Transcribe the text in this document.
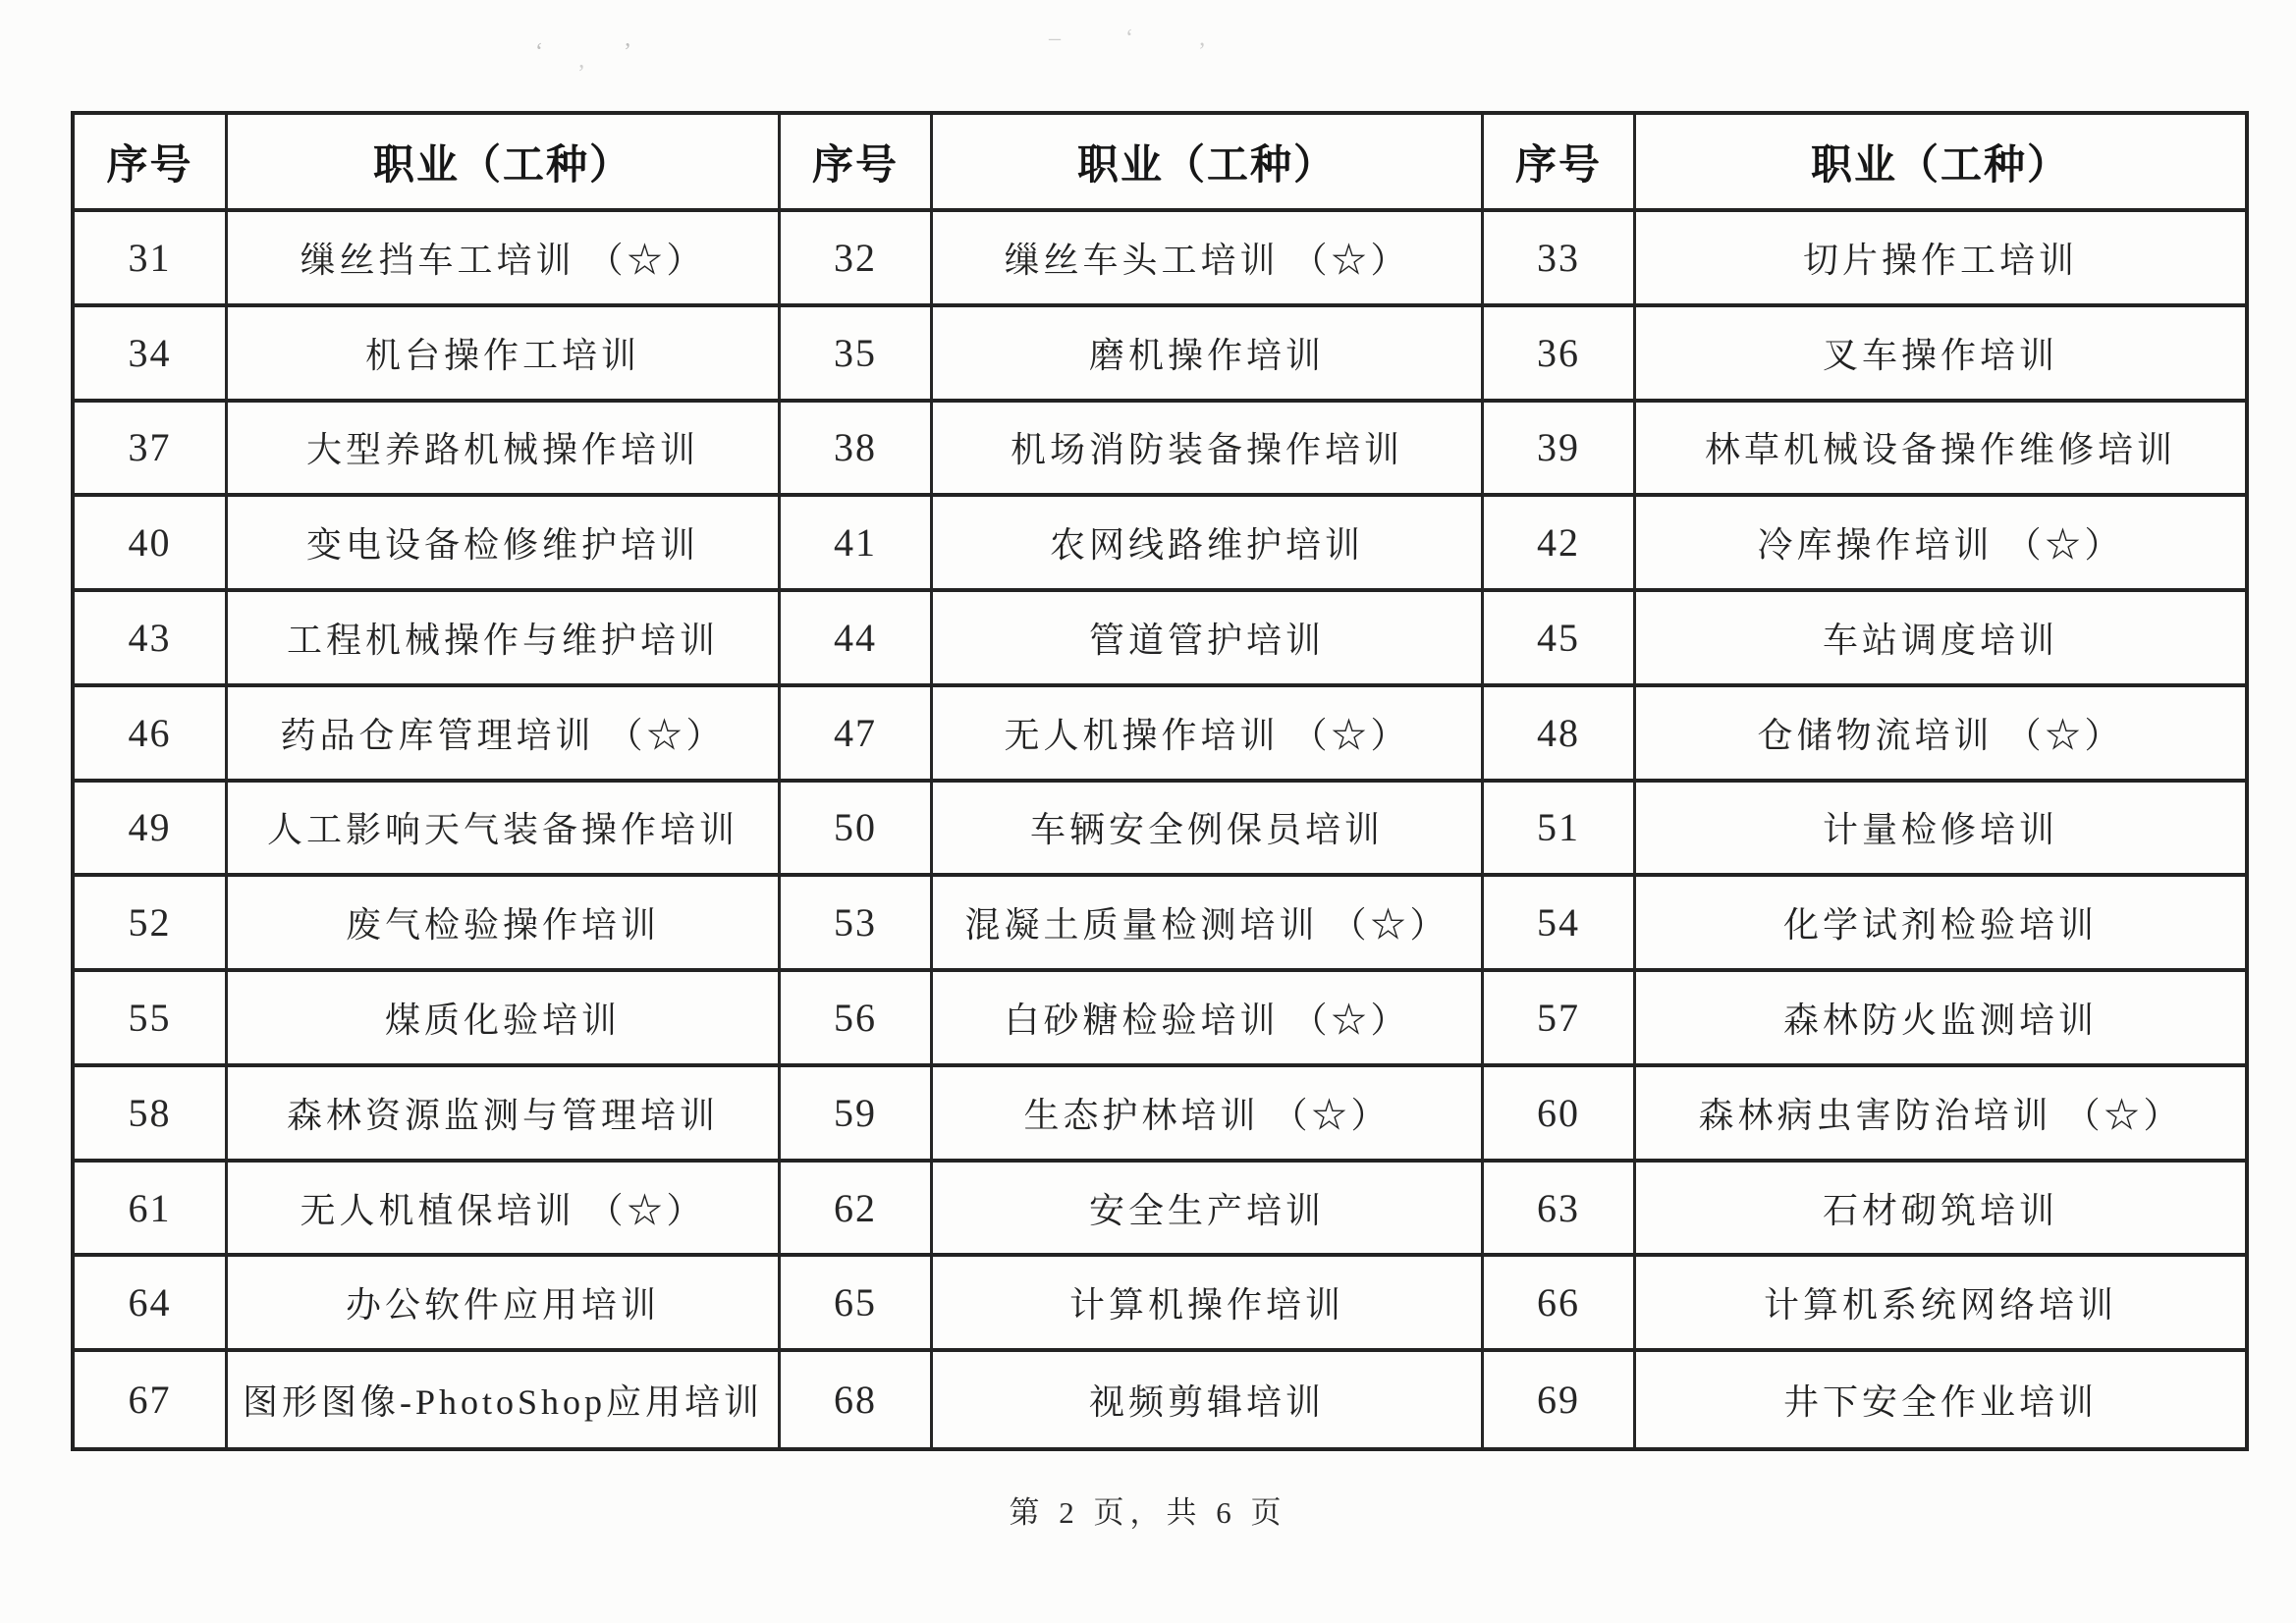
‘ ’
’
– ‘ ‚
序号	职业（工种）	序号	职业（工种）	序号	职业（工种）
31	缫丝挡车工培训 （☆）	32	缫丝车头工培训 （☆）	33	切片操作工培训
34	机台操作工培训	35	磨机操作培训	36	叉车操作培训
37	大型养路机械操作培训	38	机场消防装备操作培训	39	林草机械设备操作维修培训
40	变电设备检修维护培训	41	农网线路维护培训	42	冷库操作培训 （☆）
43	工程机械操作与维护培训	44	管道管护培训	45	车站调度培训
46	药品仓库管理培训 （☆）	47	无人机操作培训 （☆）	48	仓储物流培训 （☆）
49	人工影响天气装备操作培训	50	车辆安全例保员培训	51	计量检修培训
52	废气检验操作培训	53	混凝土质量检测培训 （☆）	54	化学试剂检验培训
55	煤质化验培训	56	白砂糖检验培训 （☆）	57	森林防火监测培训
58	森林资源监测与管理培训	59	生态护林培训 （☆）	60	森林病虫害防治培训 （☆）
61	无人机植保培训 （☆）	62	安全生产培训	63	石材砌筑培训
64	办公软件应用培训	65	计算机操作培训	66	计算机系统网络培训
67	图形图像-PhotoShop应用培训	68	视频剪辑培训	69	井下安全作业培训
第 2 页，共 6 页
